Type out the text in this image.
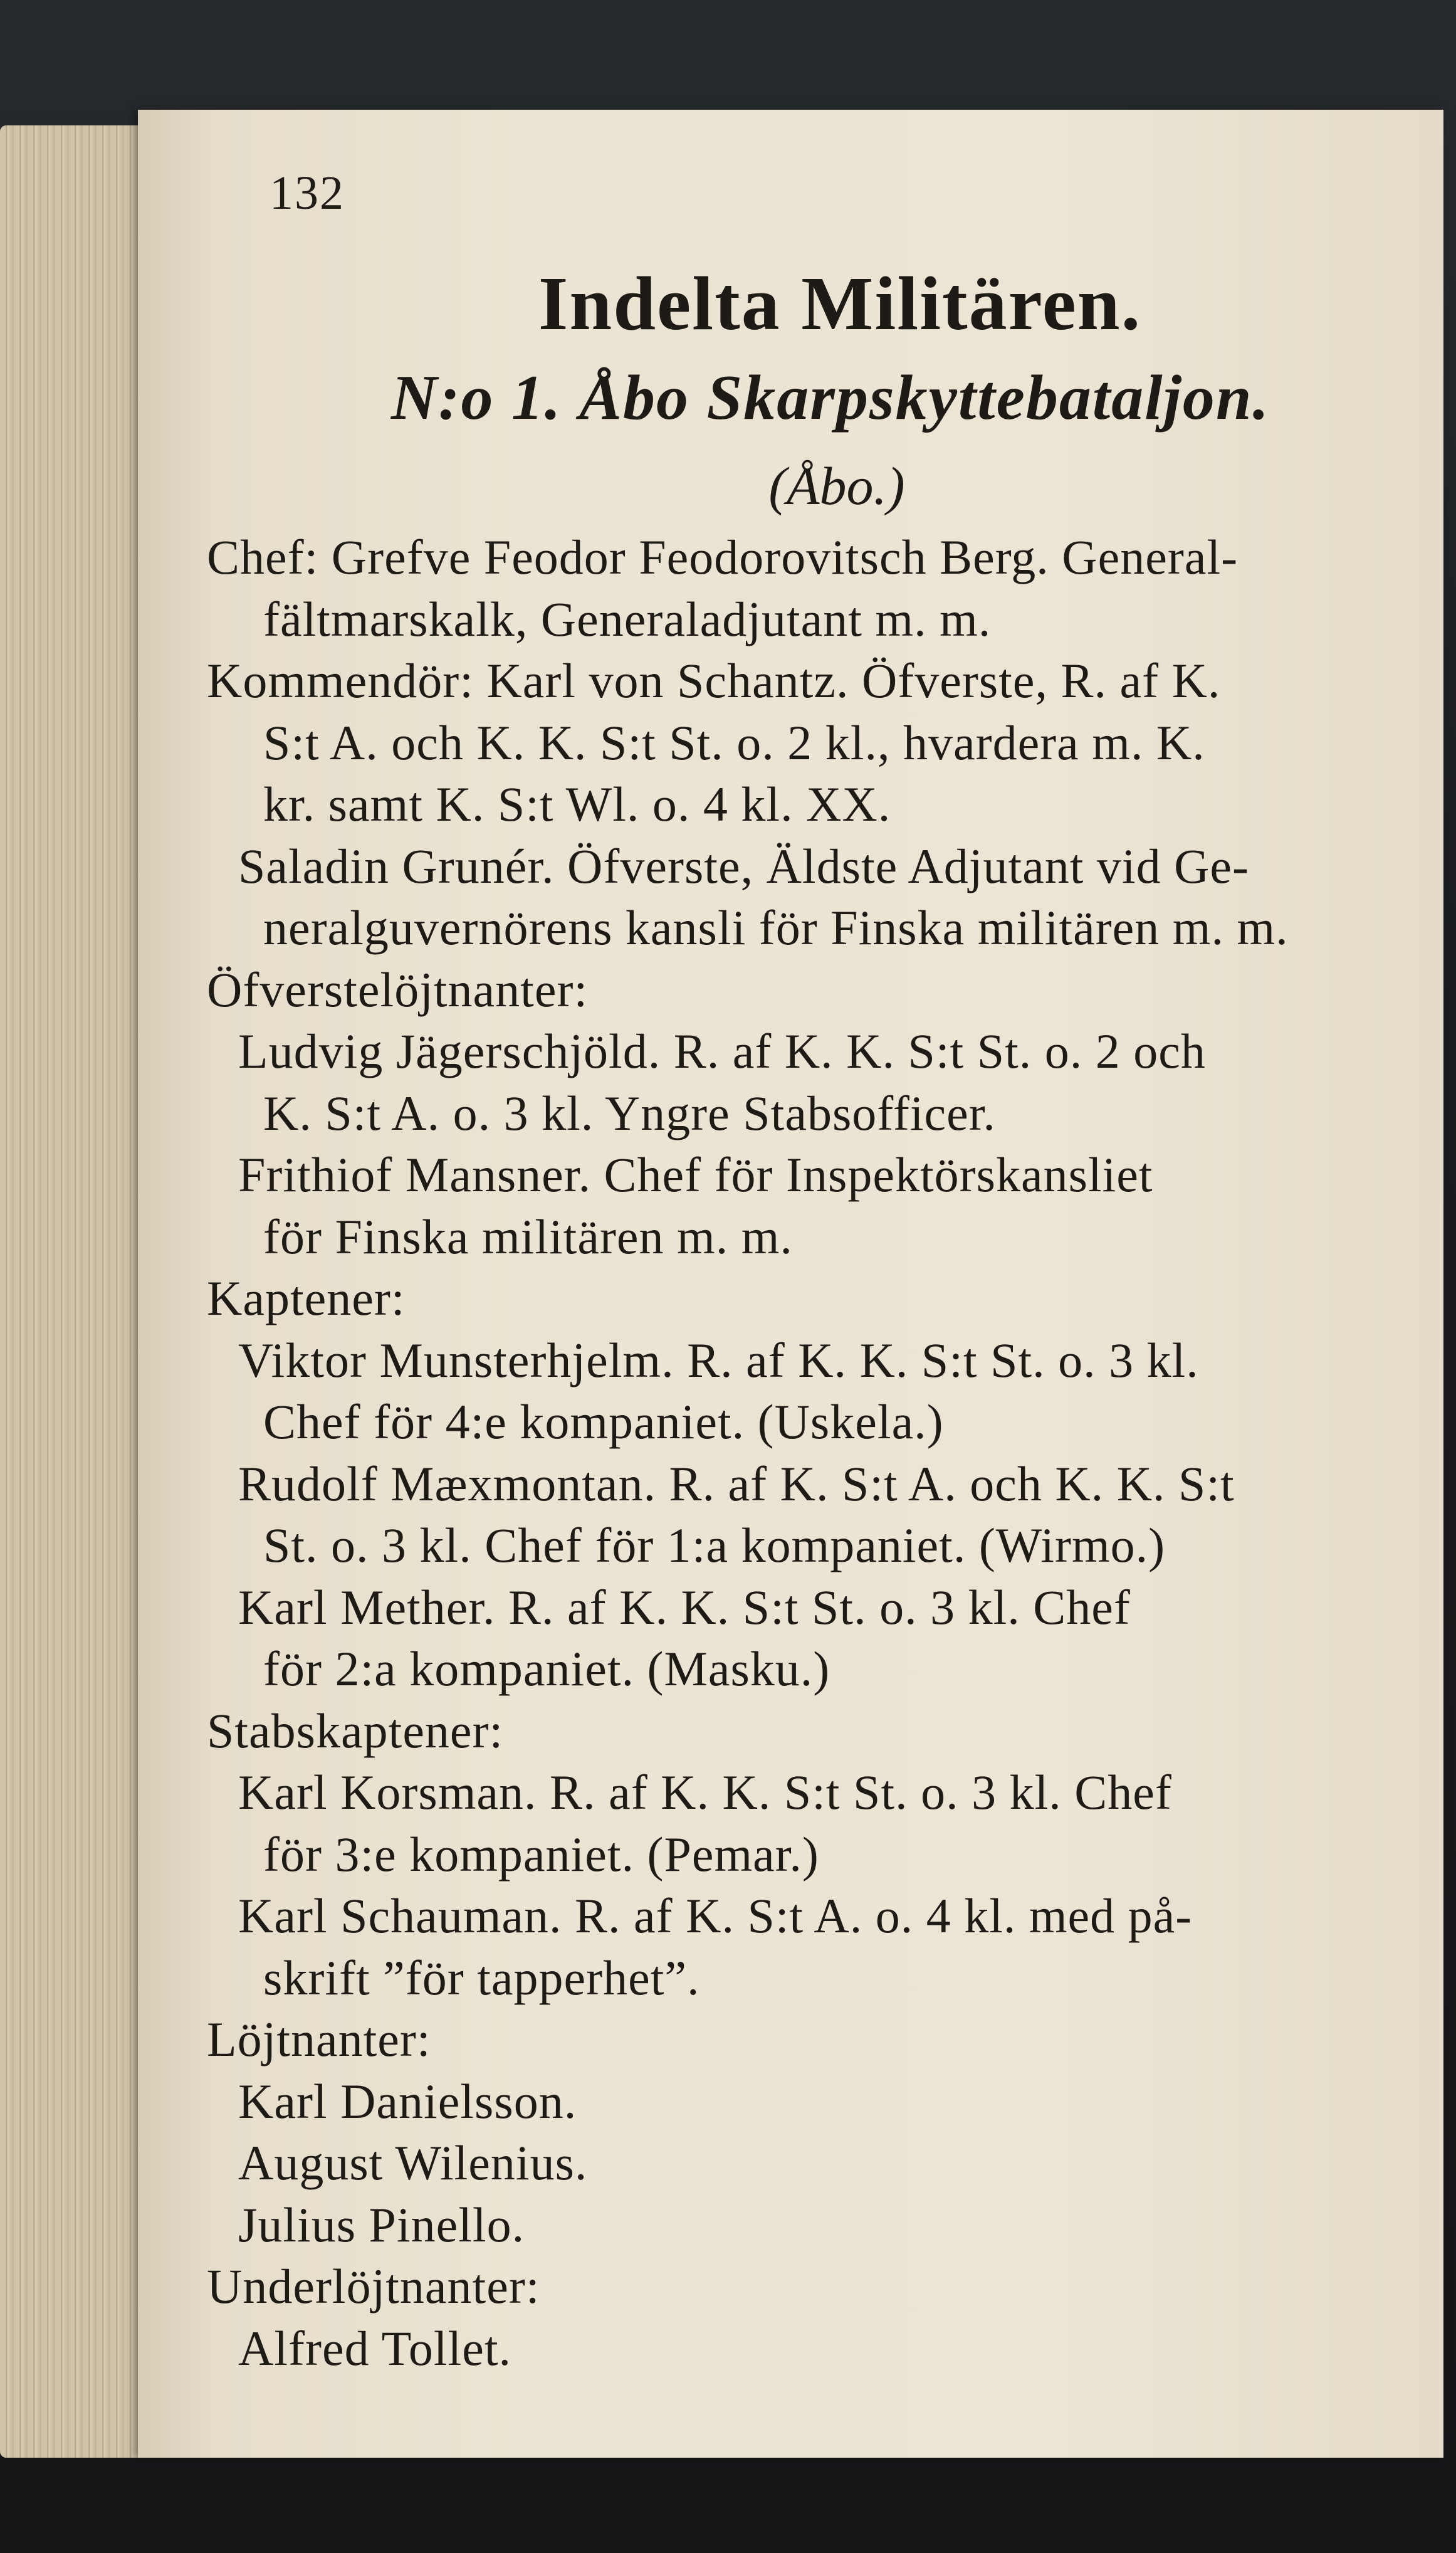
132
Indelta Militären.
N:o 1. Åbo Skarpskyttebataljon.
(Åbo.)
Chef: Grefve Feodor Feodorovitsch Berg. General-
fältmarskalk, Generaladjutant m. m.
Kommendör: Karl von Schantz. Öfverste, R. af K.
S:t A. och K. K. S:t St. o. 2 kl., hvardera m. K.
kr. samt K. S:t Wl. o. 4 kl. XX.
Saladin Grunér. Öfverste, Äldste Adjutant vid Ge-
neralguvernörens kansli för Finska militären m. m.
Öfverstelöjtnanter:
Ludvig Jägerschjöld. R. af K. K. S:t St. o. 2 och
K. S:t A. o. 3 kl. Yngre Stabsofficer.
Frithiof Mansner. Chef för Inspektörskansliet
för Finska militären m. m.
Kaptener:
Viktor Munsterhjelm. R. af K. K. S:t St. o. 3 kl.
Chef för 4:e kompaniet. (Uskela.)
Rudolf Mæxmontan. R. af K. S:t A. och K. K. S:t
St. o. 3 kl. Chef för 1:a kompaniet. (Wirmo.)
Karl Mether. R. af K. K. S:t St. o. 3 kl. Chef
för 2:a kompaniet. (Masku.)
Stabskaptener:
Karl Korsman. R. af K. K. S:t St. o. 3 kl. Chef
för 3:e kompaniet. (Pemar.)
Karl Schauman. R. af K. S:t A. o. 4 kl. med på-
skrift ”för tapperhet”.
Löjtnanter:
Karl Danielsson.
August Wilenius.
Julius Pinello.
Underlöjtnanter:
Alfred Tollet.
